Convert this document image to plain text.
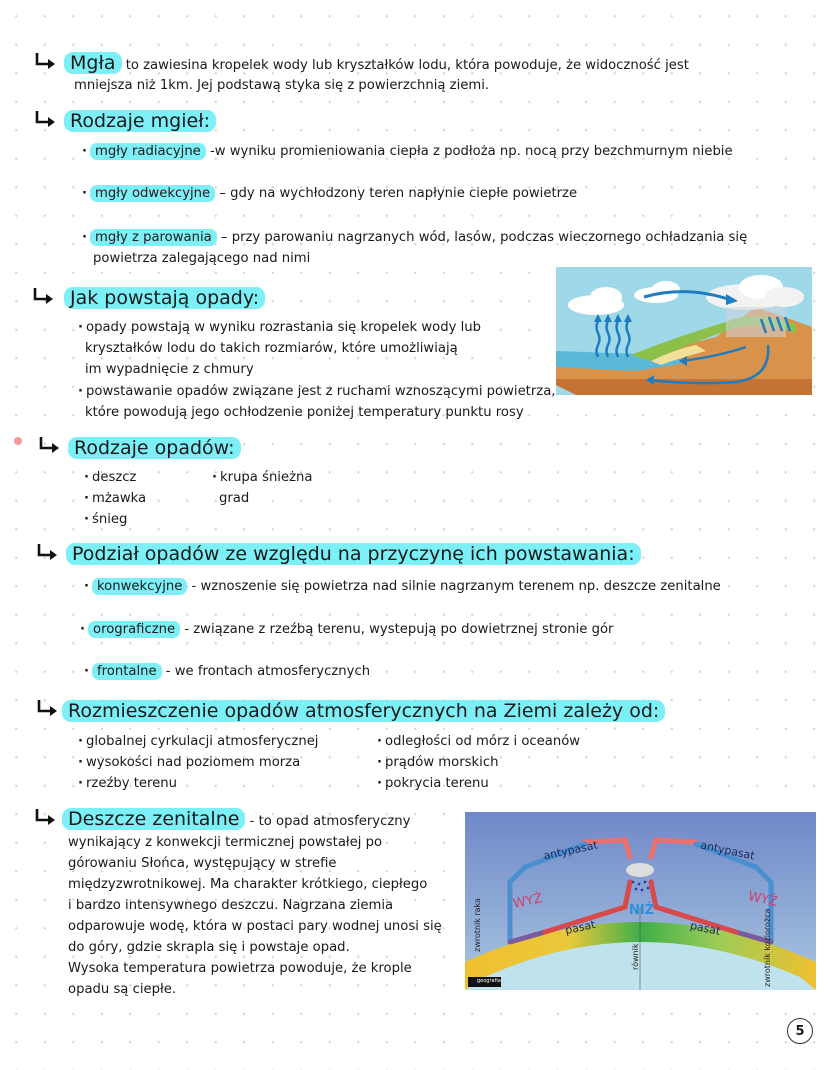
Mgła to zawiesina kropelek wody lub kryształków lodu, która powoduje, że widoczność jest
mniejsza niż 1km. Jej podstawą styka się z powierzchnią ziemi.
Rodzaje mgieł:
· mgły radiacyjne -w wyniku promieniowania ciepła z podłoża np. nocą przy bezchmurnym niebie
· mgły odwekcyjne – gdy na wychłodzony teren napłynie ciepłe powietrze
· mgły z parowania – przy parowaniu nagrzanych wód, lasów, podczas wieczornego ochładzania się
powietrza zalegającego nad nimi
Jak powstają opady:
· opady powstają w wyniku rozrastania się kropelek wody lub
kryształków lodu do takich rozmiarów, które umożliwiają
im wypadnięcie z chmury
· powstawanie opadów związane jest z ruchami wznoszącymi powietrza,
które powodują jego ochłodzenie poniżej temperatury punktu rosy
Rodzaje opadów:
· deszcz
· mżawka
· śnieg
· krupa śnieżna
grad
Podział opadów ze względu na przyczynę ich powstawania:
· konwekcyjne - wznoszenie się powietrza nad silnie nagrzanym terenem np. deszcze zenitalne
· orograficzne - związane z rzeźbą terenu, wystepują po dowietrznej stronie gór
· frontalne - we frontach atmosferycznych
Rozmieszczenie opadów atmosferycznych na Ziemi zależy od:
· globalnej cyrkulacji atmosferycznej
· wysokości nad poziomem morza
· rzeźby terenu
· odległości od mórz i oceanów
· prądów morskich
· pokrycia terenu
Deszcze zenitalne - to opad atmosferyczny
wynikający z konwekcji termicznej powstałej po
górowaniu Słońca, występujący w strefie
międzyzwrotnikowej. Ma charakter krótkiego, ciepłego
i bardzo intensywnego deszczu. Nagrzana ziemia
odparowuje wodę, która w postaci pary wodnej unosi się
do góry, gdzie skrapla się i powstaje opad.
Wysoka temperatura powietrza powoduje, że krople
opadu są ciepłe.
antypasat	antypasat
WYŻ	WYŻ
NIŻ
pasat	pasat
zwrotnik raka
równik	zwrotnik koziorożca
geografia
5
